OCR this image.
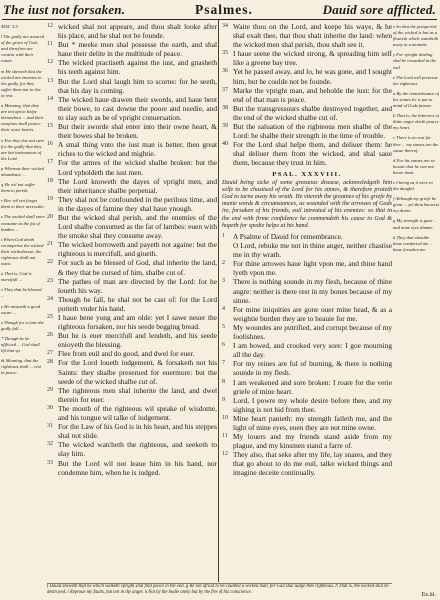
The iust not forsaken.	Psalmes.	Dauid sore afflicted.
MAT. 5.5.
l The godly are assured of the grace of God, and therefore are content with their estate.
m He sheweth that the wicked are enemies to the godly, for they suffer them not to live in rest.
n Meaning, that they are not apt to helpe themselues ... and their weapons shall pearce their owne hearts.
o For they doe not care for the godly that they are but instruments of the Lord.
p Whereas their wicked abundance ...
q He wil not suffer them to perish.
r Hee wil not forget them in their necessitie.
s The wicked shall euen consume as the fat of lambes ...
t When God doeth recompense the wicked their wickednesse, the righteous shall not want.
u That is, God is mercifull ...
x They that be blessed ...
y He meaneth a good cause ...
z Though for a time the godly fall ...
* Though he be afflicted ... God shall lift him vp.
& Meaning, that the righteous shall ... rest in peace.
12 wicked shal not appeare, and thou shalt looke after his place, and he shal not be founde.
11 But * meeke men shal possesse the earth, and shal haue their delite in the multitude of peace.
12 The wicked practiseth against the iust, and gnasheth his teeth against him.
13 But the Lord shal laugh him to scorne: for he seeth, that his day is coming.
14 The wicked haue drawen their swords, and haue bent their bowe, to cast downe the poore and needie, and to slay such as be of vpright conuersation.
15 But their sworde shal enter into their owne heart, & their bowes shal be broken.
16 A smal thing vnto the iust man is better, then great riches to the wicked and mightie.
17 For the armes of the wicked shalbe broken: but the Lord vpholdeth the iust men.
18 The Lord knoweth the dayes of vpright men, and their inheritance shalbe perpetual.
19 They shal not be confounded in the perilous time, and in the dayes of famine they shal haue ynough.
20 But the wicked shal perish, and the enemies of the Lord shalbe consumed as the fat of lambes: euen with the smoke shal they consume away.
21 The wicked borroweth and payeth not againe: but the righteous is mercifull, and giueth.
22 For such as be blessed of God, shal inherite the land, & they that be cursed of him, shalbe cut of.
23 The pathes of man are directed by the Lord: for he loueth his way.
24 Though he fall, he shal not be cast of: for the Lord putteth vnder his hand.
25 I haue bene yong and am olde: yet I sawe neuer the righteous forsaken, nor his seede begging bread.
26 But he is euer mercifull and lendeth, and his seede enioyeth the blessing.
27 Flee from euil and do good, and dwel for euer.
28 For the Lord loueth iudgement, & forsaketh not his Saints: they shalbe preserued for euermore: but the seede of the wicked shalbe cut of.
29 The righteous men shal inherite the land, and dwel therein for euer.
30 The mouth of the righteous wil speake of wisdome, and his tongue wil talke of iudgement.
31 For the Law of his God is in his heart, and his steppes shal not slide.
32 The wicked watcheth the righteous, and seeketh to slay him.
33 But the Lord wil not leaue him in his hand, nor condemne him, when he is iudged.
34 Waite thou on the Lord, and keepe his waye, & he shal exalt thee, that thou shalt inherite the land: when the wicked men shal perish, thou shalt see it.
35 I haue seene the wicked strong, & spreading him self like a greene bay tree.
36 Yet he passed away, and lo, he was gone, and I sought him, but he coulde not be founde.
37 Marke the vpright man, and beholde the iust: for the end of that man is peace.
38 But the transgressours shalbe destroyed together, and the end of the wicked shalbe cut of.
39 But the saluation of the righteous men shalbe of the Lord: he shalbe their strength in the time of trouble.
40 For the Lord shal helpe them, and deliuer them: he shal deliuer them from the wicked, and shal saue them, because they trust in him.
PSAL. XXXVIII.
Dauid being sicke of some greeuous disease, acknowledgeth him selfe to be chastised of the Lord for his sinnes, & therefore praieth God to turne away his wrath. He vttereth the greatnes of his griefe by manie words & circumstances, as wounded with the arrowes of Gods ire, forsaken of his friends, euil intreated of his enemies: so that in the end with firme confidence he commendeth his cause to God & hopeth for spedie helpe at his hand.
1	A Psalme of Dauid for remembrance.
O Lord, rebuke me not in thine anger, neither chastise me in thy wrath.
2	For thine arrowes haue light vpon me, and thine hand lyeth vpon me.
3	There is nothing sounde in my flesh, because of thine angre: neither is there rest in my bones because of my sinne.
4	For mine iniquities are gone ouer mine head, & as a weightie burden they are to heauie for me.
5	My woundes are putrified, and corrupt because of my foolishnes.
6	I am bowed, and crooked very sore: I goe mourning all the day.
7	For my reines are ful of burning, & there is nothing sounde in my flesh.
8	I am weakened and sore broken: I roare for the verie griefe of mine heart.
9	Lord, I powre my whole desire before thee, and my sighing is not hid from thee.
10 Mine heart panteth: my strength faileth me, and the light of mine eyes, euen they are not mine owne.
11 My louers and my friends stand aside from my plague, and my kinsmen stand a farre of.
12 They also, that seke after my life, lay snares, and they that go about to do me euil, talke wicked things and imagine deceite continually.
x So that the prosperitie of the wicked is but as a flourish which vanisheth away in a moment.
y For vpright dealing shal be rewarded at the end.
z The Lord will preserue the righteous.
a By the remembrance of his sinnes he is put in mind of Gods fauour.
b That is, the bitternes of thine anger doeth pearce my heart.
c There is no rest for thee ... my sinnes are the cause thereof.
d For his sinnes are so heauie that he can not beare them.
e I being as it were in the dunghil.
f Although my griefe be great ... yet thou knowest my desire.
g My strength is gone ... and mine eyes dimme.
h They that shoulde haue comforted me ... haue forsaken me.
f Dauid sheweth that he which walketh vpright shal find peace in the end. g Be not afraid to be counted a wicked man, for God shal iudge thee righteous. h That is, the wicked shal be destroyed. i Reproue my faults, but not in thy anger. k Not by the bodie onely but by the fire of his conscience.	Ee.iii.
